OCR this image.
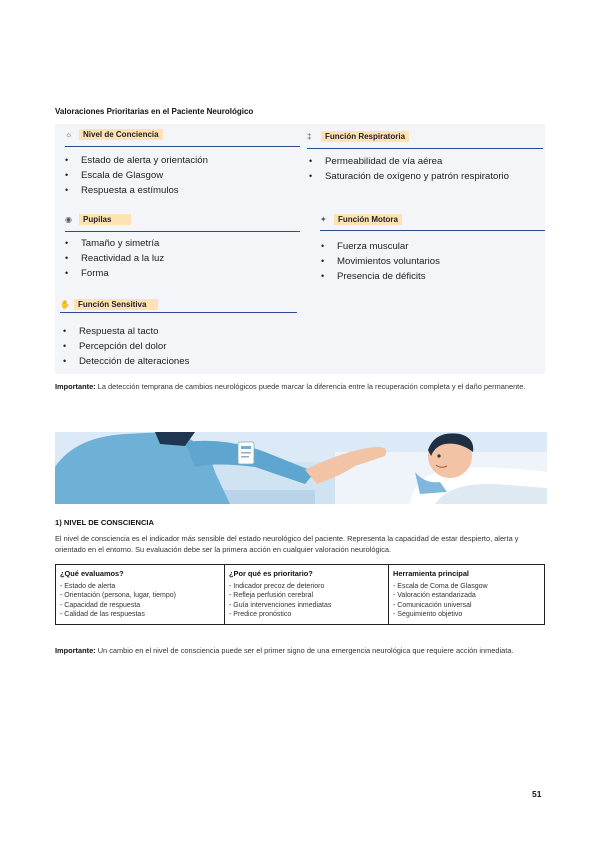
Valoraciones Prioritarias en el Paciente Neurológico
☼	Nivel de Conciencia
• Estado de alerta y orientación
• Escala de Glasgow
• Respuesta a estímulos
‡	Función Respiratoria
• Permeabilidad de vía aérea
• Saturación de oxígeno y patrón respiratorio
◉	Pupilas
• Tamaño y simetría
• Reactividad a la luz
• Forma
✦	Función Motora
• Fuerza muscular
• Movimientos voluntarios
• Presencia de déficits
✋	Función Sensitiva
• Respuesta al tacto
• Percepción del dolor
• Detección de alteraciones
Importante: La detección temprana de cambios neurológicos puede marcar la diferencia entre la recuperación completa y el daño permanente.
1) NIVEL DE CONSCIENCIA
El nivel de consciencia es el indicador más sensible del estado neurológico del paciente. Representa la capacidad de estar despierto, alerta y orientado en el entorno. Su evaluación debe ser la primera acción en cualquier valoración neurológica.
¿Qué evaluamos?	¿Por qué es prioritario?	Herramienta principal

- Estado de alerta
- Orientación (persona, lugar, tiempo)
- Capacidad de respuesta
- Calidad de las respuestas	- Indicador precoz de deterioro
- Refleja perfusión cerebral
- Guía intervenciones inmediatas
- Predice pronóstico	- Escala de Coma de Glasgow
- Valoración estandarizada
- Comunicación universal
- Seguimiento objetivo
Importante: Un cambio en el nivel de consciencia puede ser el primer signo de una emergencia neurológica que requiere acción inmediata.
51
